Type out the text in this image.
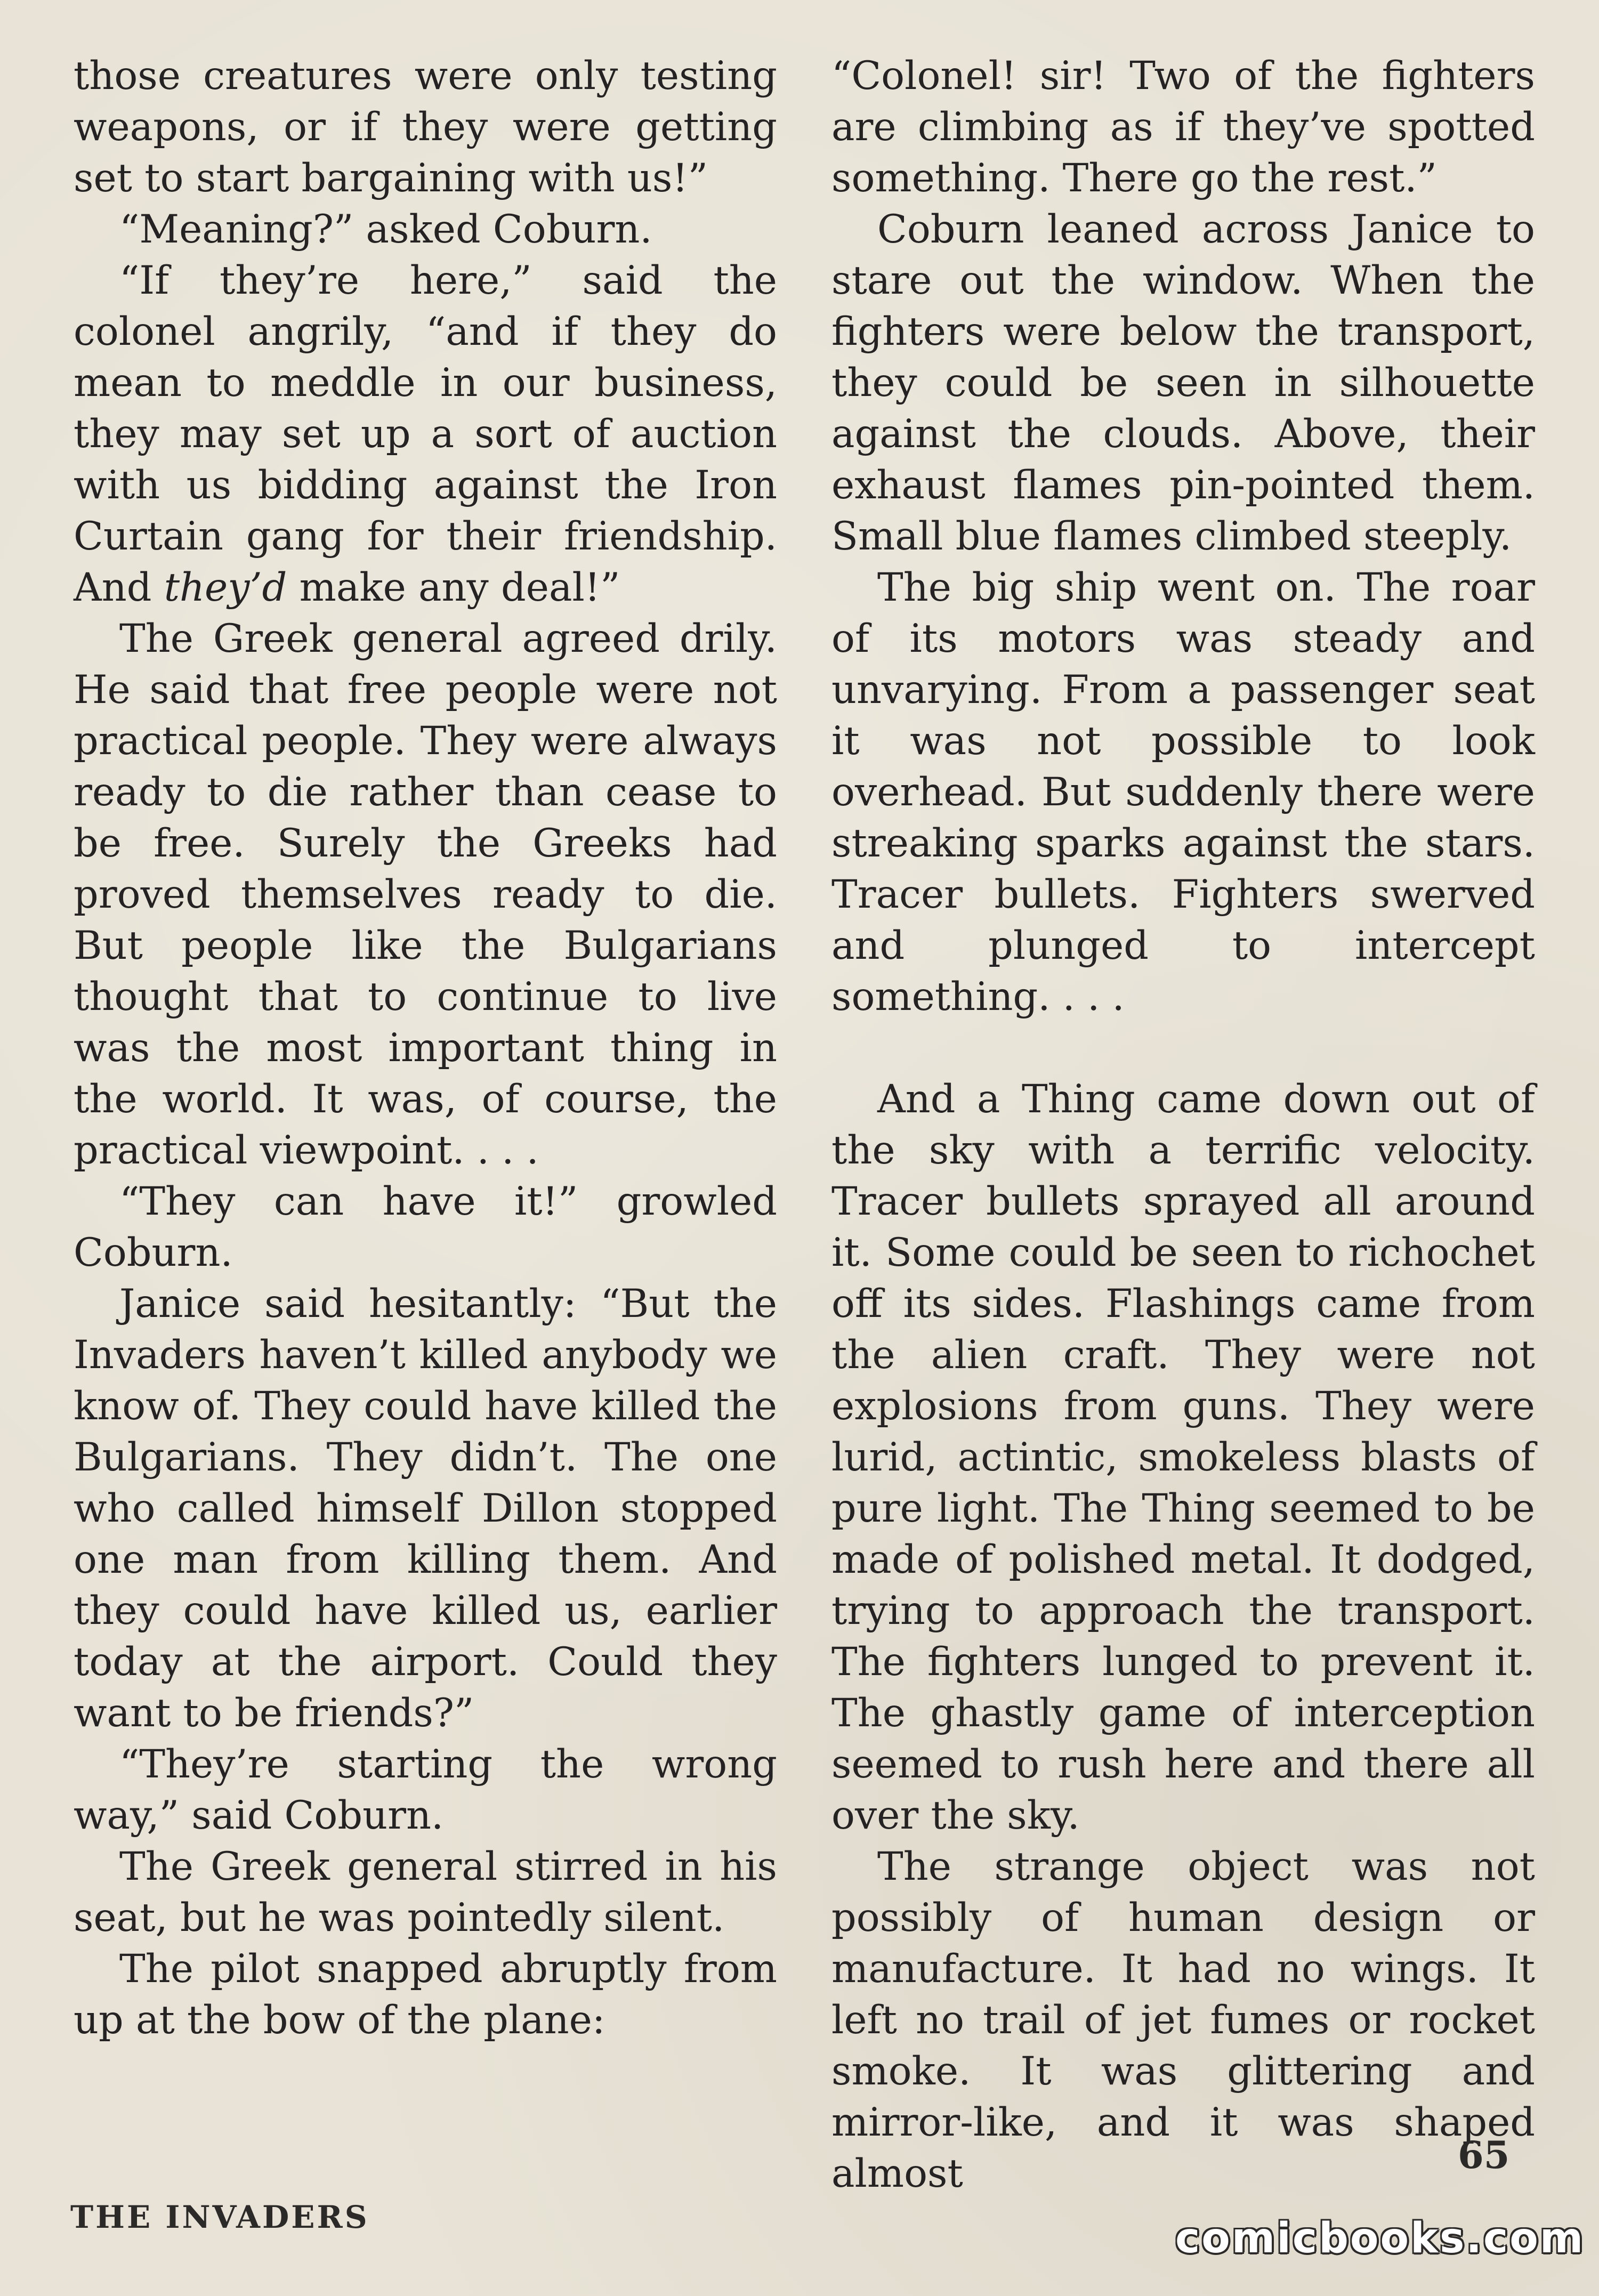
those creatures were only testing weapons, or if they were getting set to start bargaining with us!”

“Meaning?” asked Coburn.

“If they’re here,” said the colonel angrily, “and if they do mean to meddle in our business, they may set up a sort of auction with us bidding against the Iron Curtain gang for their friendship. And they’d make any deal!”

The Greek general agreed drily. He said that free people were not practical people. They were always ready to die rather than cease to be free. Surely the Greeks had proved themselves ready to die. But people like the Bulgarians thought that to continue to live was the most important thing in the world. It was, of course, the practical viewpoint. . . .

“They can have it!” growled Coburn.

Janice said hesitantly: “But the Invaders haven’t killed anybody we know of. They could have killed the Bulgarians. They didn’t. The one who called himself Dillon stopped one man from killing them. And they could have killed us, earlier today at the airport. Could they want to be friends?”

“They’re starting the wrong way,” said Coburn.

The Greek general stirred in his seat, but he was pointedly silent.

The pilot snapped abruptly from up at the bow of the plane:

“Colonel! sir! Two of the fighters are climbing as if they’ve spotted something. There go the rest.”

Coburn leaned across Janice to stare out the window. When the fighters were below the transport, they could be seen in silhouette against the clouds. Above, their exhaust flames pin-pointed them. Small blue flames climbed steeply.

The big ship went on. The roar of its motors was steady and unvarying. From a passenger seat it was not possible to look overhead. But suddenly there were streaking sparks against the stars. Tracer bullets. Fighters swerved and plunged to intercept something. . . .

And a Thing came down out of the sky with a terrific velocity. Tracer bullets sprayed all around it. Some could be seen to richochet off its sides. Flashings came from the alien craft. They were not explosions from guns. They were lurid, actintic, smokeless blasts of pure light. The Thing seemed to be made of polished metal. It dodged, trying to approach the transport. The fighters lunged to prevent it. The ghastly game of interception seemed to rush here and there all over the sky.

The strange object was not possibly of human design or manufacture. It had no wings. It left no trail of jet fumes or rocket smoke. It was glittering and mirror-like, and it was shaped almost

THE INVADERS
65
comicbooks.com
